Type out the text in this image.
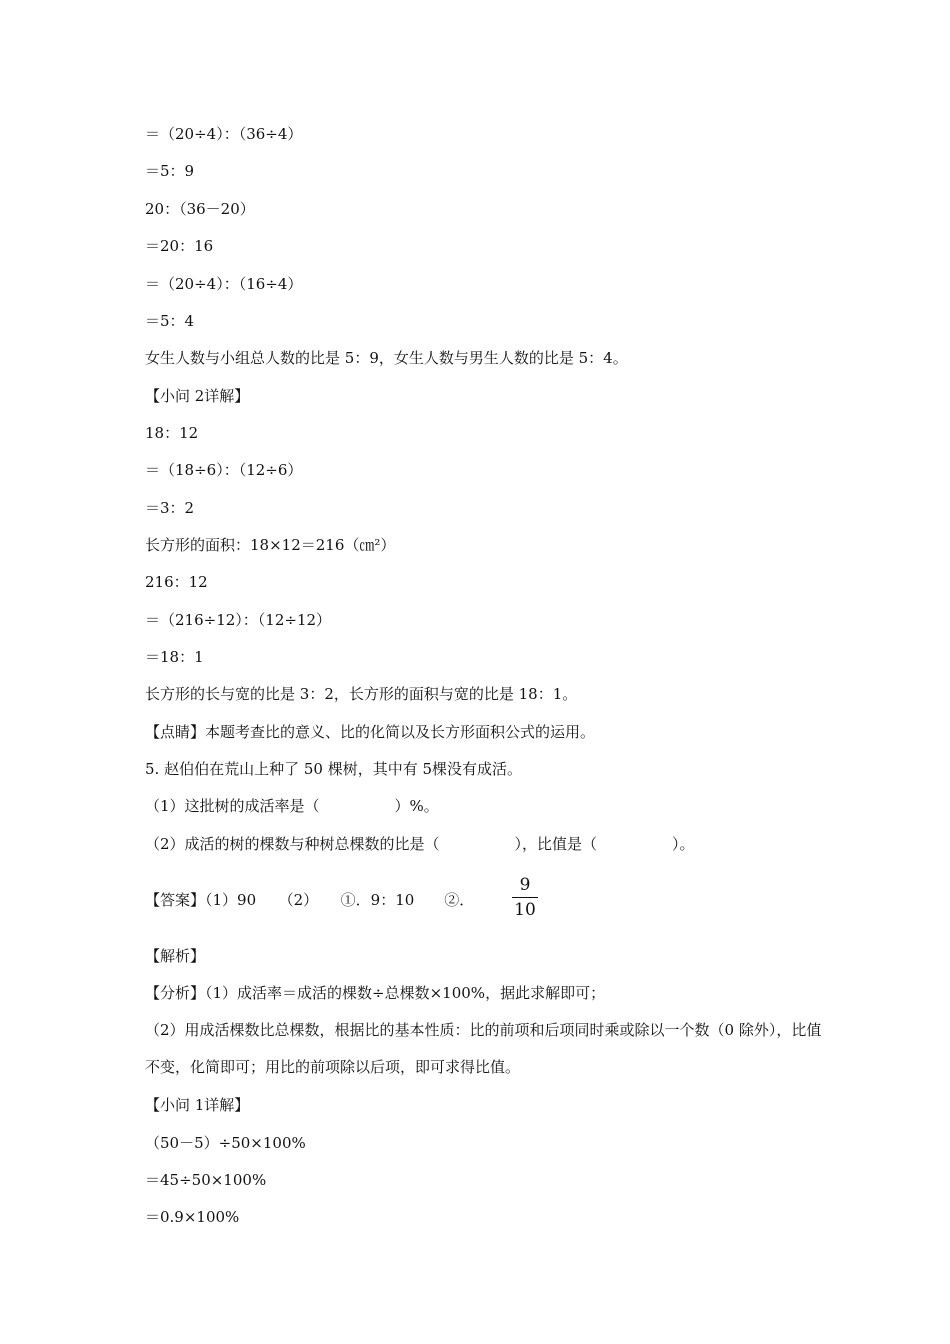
＝（20÷4）：（36÷4）
＝5：9
20：（36－20）
＝20：16
＝（20÷4）：（16÷4）
＝5：4
女生人数与小组总人数的比是 5：9，女生人数与男生人数的比是 5：4。
【小问 2详解】
18：12
＝（18÷6）：（12÷6）
＝3：2
长方形的面积：18×12＝216（㎝²）
216：12
＝（216÷12）：（12÷12）
＝18：1
长方形的长与宽的比是 3：2，长方形的面积与宽的比是 18：1。
【点睛】本题考查比的意义、比的化简以及长方形面积公式的运用。
5. 赵伯伯在荒山上种了 50 棵树，其中有 5棵没有成活。
（1）这批树的成活率是（　　　　　）%。
（2）成活的树的棵数与种树总棵数的比是（　　　　　），比值是（　　　　　）。
【答案】（1）90　　（2）　　①．9：10　　②．
9
10
【解析】
【分析】（1）成活率＝成活的棵数÷总棵数×100%，据此求解即可；
（2）用成活棵数比总棵数，根据比的基本性质：比的前项和后项同时乘或除以一个数（0 除外），比值不变，化简即可；用比的前项除以后项，即可求得比值。
【小问 1详解】
（50－5）÷50×100%
＝45÷50×100%
＝0.9×100%
